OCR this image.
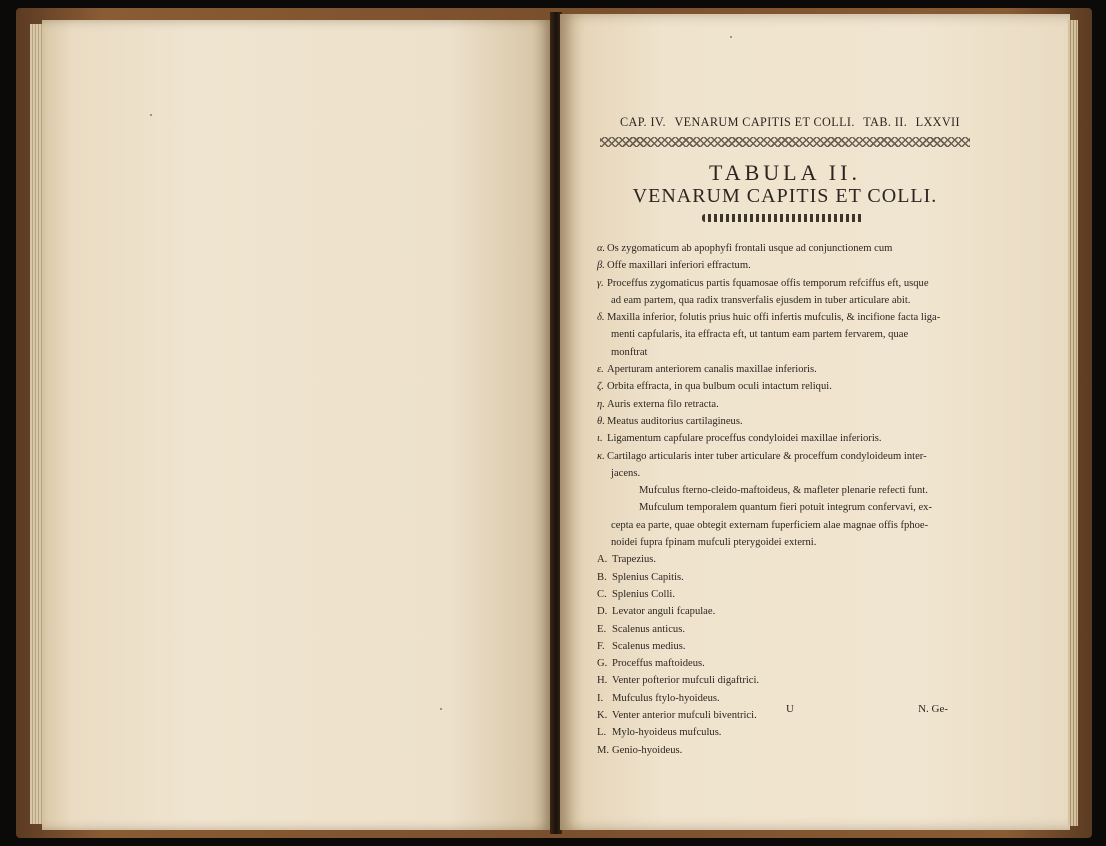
CAP. IV. VENARUM CAPITIS ET COLLI. TAB. II. LXXVII
TABULA II.
VENARUM CAPITIS ET COLLI.
α. Os zygomaticum ab apophyfi frontali usque ad conjunctionem cum
β. Offe maxillari inferiori effractum.
γ. Proceffus zygomaticus partis fquamosae offis temporum refciffus eft, usque
ad eam partem, qua radix transverfalis ejusdem in tuber articulare abit.
δ. Maxilla inferior, folutis prius huic offi infertis mufculis, & incifione facta liga-
menti capfularis, ita effracta eft, ut tantum eam partem fervarem, quae
monftrat
ε. Aperturam anteriorem canalis maxillae inferioris.
ζ. Orbita effracta, in qua bulbum oculi intactum reliqui.
η. Auris externa filo retracta.
θ. Meatus auditorius cartilagineus.
ι. Ligamentum capfulare proceffus condyloidei maxillae inferioris.
κ. Cartilago articularis inter tuber articulare & proceffum condyloideum inter-
jacens.
Mufculus fterno-cleido-maftoideus, & mafleter plenarie refecti funt.
Mufculum temporalem quantum fieri potuit integrum confervavi, ex-
cepta ea parte, quae obtegit externam fuperficiem alae magnae offis fphoe-
noidei fupra fpinam mufculi pterygoidei externi.
A. Trapezius.
B. Splenius Capitis.
C. Splenius Colli.
D. Levator anguli fcapulae.
E. Scalenus anticus.
F. Scalenus medius.
G. Proceffus maftoideus.
H. Venter pofterior mufculi digaftrici.
I. Mufculus ftylo-hyoideus.
K. Venter anterior mufculi biventrici.
L. Mylo-hyoideus mufculus.
M. Genio-hyoideus.
U	N. Ge-
